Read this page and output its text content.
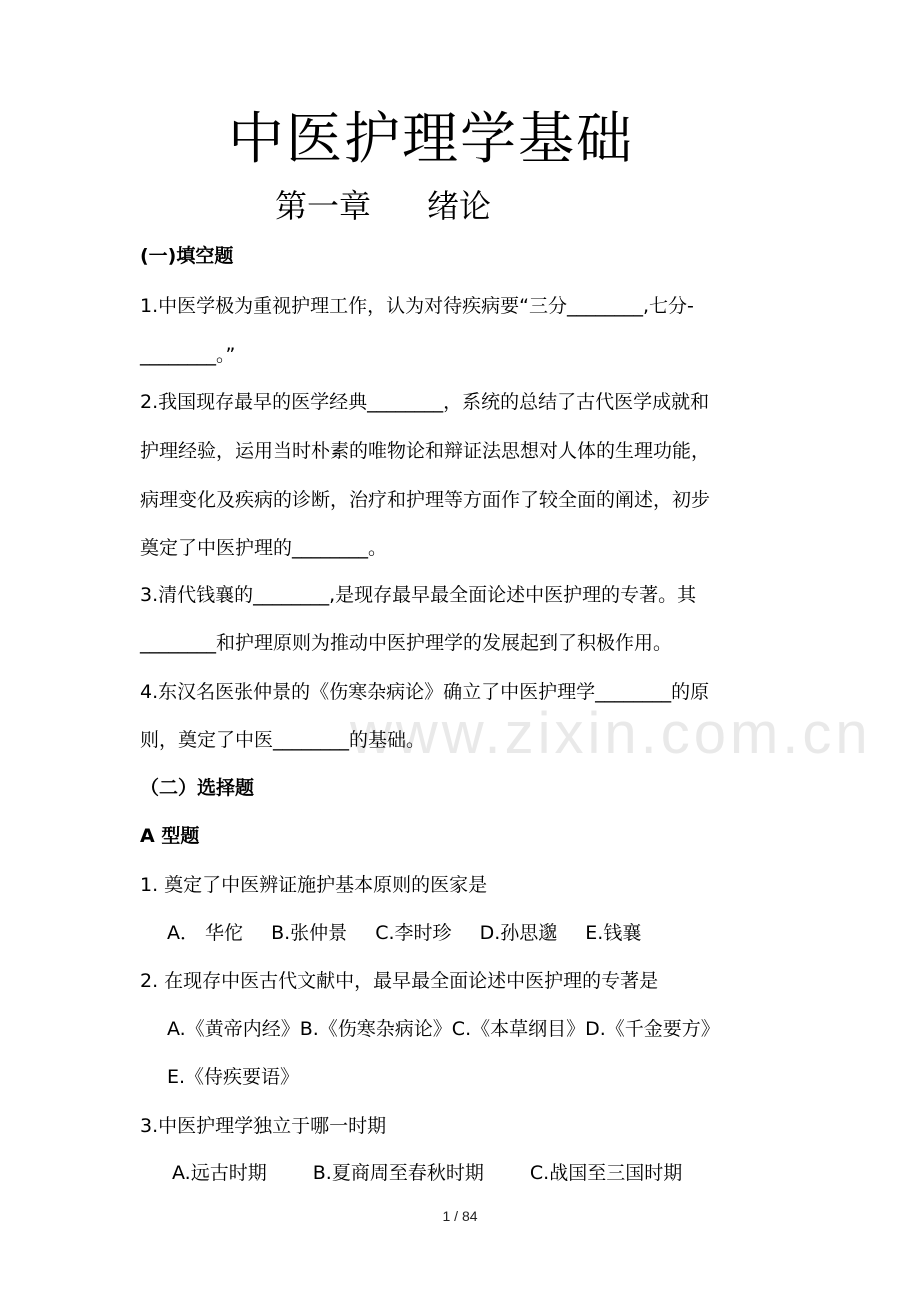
www.zixin.com.cn
中医护理学基础
第一章 绪论
(一)填空题
1.中医学极为重视护理工作，认为对待疾病要“三分________,七分-
________。”
2.我国现存最早的医学经典________，系统的总结了古代医学成就和
护理经验，运用当时朴素的唯物论和辩证法思想对人体的生理功能，
病理变化及疾病的诊断，治疗和护理等方面作了较全面的阐述，初步
奠定了中医护理的________。
3.清代钱襄的________,是现存最早最全面论述中医护理的专著。其
________和护理原则为推动中医护理学的发展起到了积极作用。
4.东汉名医张仲景的《伤寒杂病论》确立了中医护理学________的原
则，奠定了中医________的基础。
（二）选择题
A 型题
1. 奠定了中医辨证施护基本原则的医家是
A． 华佗 B.张仲景 C.李时珍 D.孙思邈 E.钱襄
2. 在现存中医古代文献中，最早最全面论述中医护理的专著是
A.《黄帝内经》B.《伤寒杂病论》C.《本草纲目》D.《千金要方》
E.《侍疾要语》
3.中医护理学独立于哪一时期
A.远古时期 B.夏商周至春秋时期 C.战国至三国时期
1 / 84
